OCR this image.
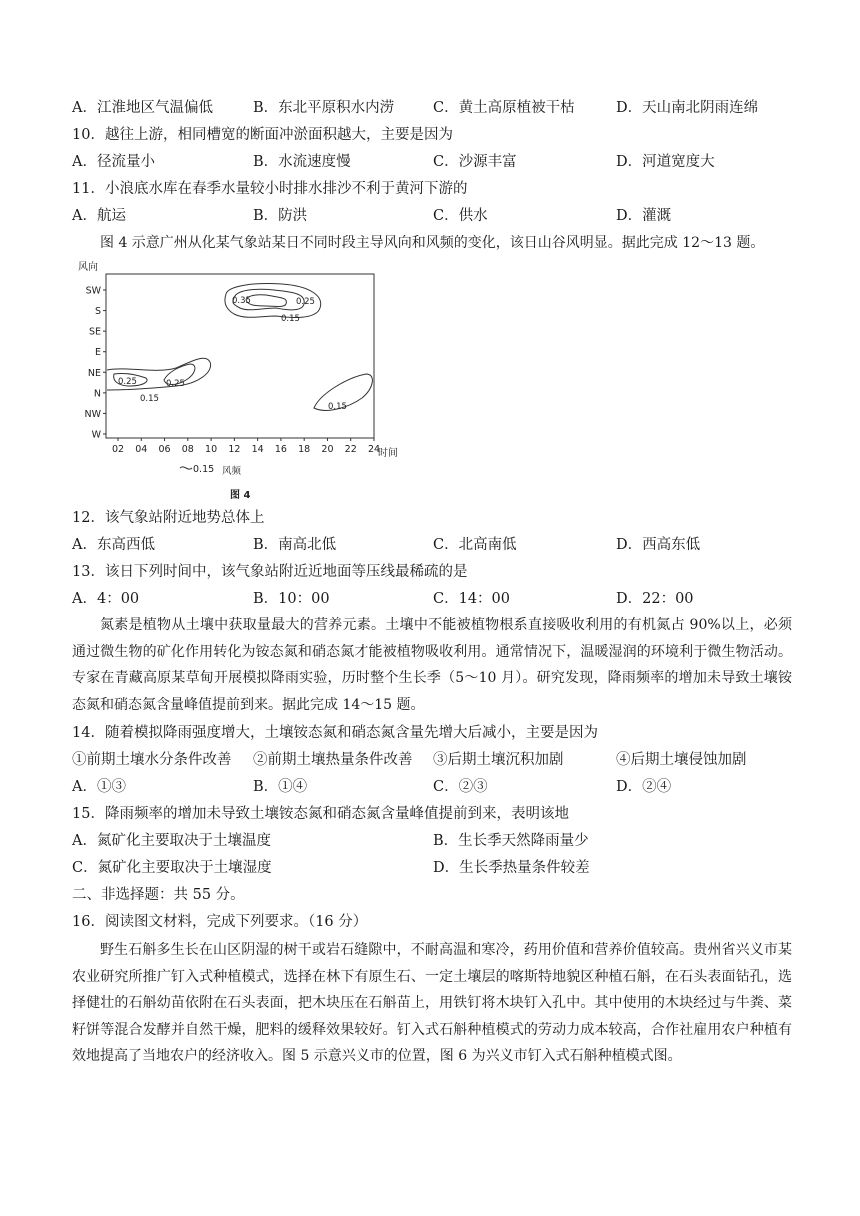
A．江淮地区气温偏低	B．东北平原积水内涝	C．黄土高原植被干枯	D．天山南北阴雨连绵
10．越往上游，相同槽宽的断面冲淤面积越大，主要是因为
A．径流量小	B．水流速度慢	C．沙源丰富	D．河道宽度大
11．小浪底水库在春季水量较小时排水排沙不利于黄河下游的
A．航运	B．防洪	C．供水	D．灌溉
图 4 示意广州从化某气象站某日不同时段主导风向和风频的变化，该日山谷风明显。据此完成 12～13 题。
风向
SW
S
SE
E
NE
N
NW
W
02 04 06 08 10 12 14 16 18 20 22 24
时间
0.35	0.25
0.15
0.25	0.25
0.15
0.15
0.15 风频
图 4
12．该气象站附近地势总体上
A．东高西低	B．南高北低	C．北高南低	D．西高东低
13．该日下列时间中，该气象站附近近地面等压线最稀疏的是
A．4：00	B．10：00	C．14：00	D．22：00
氮素是植物从土壤中获取量最大的营养元素。土壤中不能被植物根系直接吸收利用的有机氮占 90%以上，必须通过微生物的矿化作用转化为铵态氮和硝态氮才能被植物吸收利用。通常情况下，温暖湿润的环境利于微生物活动。专家在青藏高原某草甸开展模拟降雨实验，历时整个生长季（5～10 月）。研究发现，降雨频率的增加未导致土壤铵态氮和硝态氮含量峰值提前到来。据此完成 14～15 题。
14．随着模拟降雨强度增大，土壤铵态氮和硝态氮含量先增大后减小，主要是因为
①前期土壤水分条件改善 ②前期土壤热量条件改善 ③后期土壤沉积加剧	④后期土壤侵蚀加剧
A．①③	B．①④	C．②③	D．②④
15．降雨频率的增加未导致土壤铵态氮和硝态氮含量峰值提前到来，表明该地
A．氮矿化主要取决于土壤温度	B．生长季天然降雨量少
C．氮矿化主要取决于土壤湿度	D．生长季热量条件较差
二、非选择题：共 55 分。
16．阅读图文材料，完成下列要求。（16 分）
野生石斛多生长在山区阴湿的树干或岩石缝隙中，不耐高温和寒冷，药用价值和营养价值较高。贵州省兴义市某农业研究所推广钉入式种植模式，选择在林下有原生石、一定土壤层的喀斯特地貌区种植石斛，在石头表面钻孔，选择健壮的石斛幼苗依附在石头表面，把木块压在石斛苗上，用铁钉将木块钉入孔中。其中使用的木块经过与牛粪、菜籽饼等混合发酵并自然干燥，肥料的缓释效果较好。钉入式石斛种植模式的劳动力成本较高，合作社雇用农户种植有效地提高了当地农户的经济收入。图 5 示意兴义市的位置，图 6 为兴义市钉入式石斛种植模式图。
